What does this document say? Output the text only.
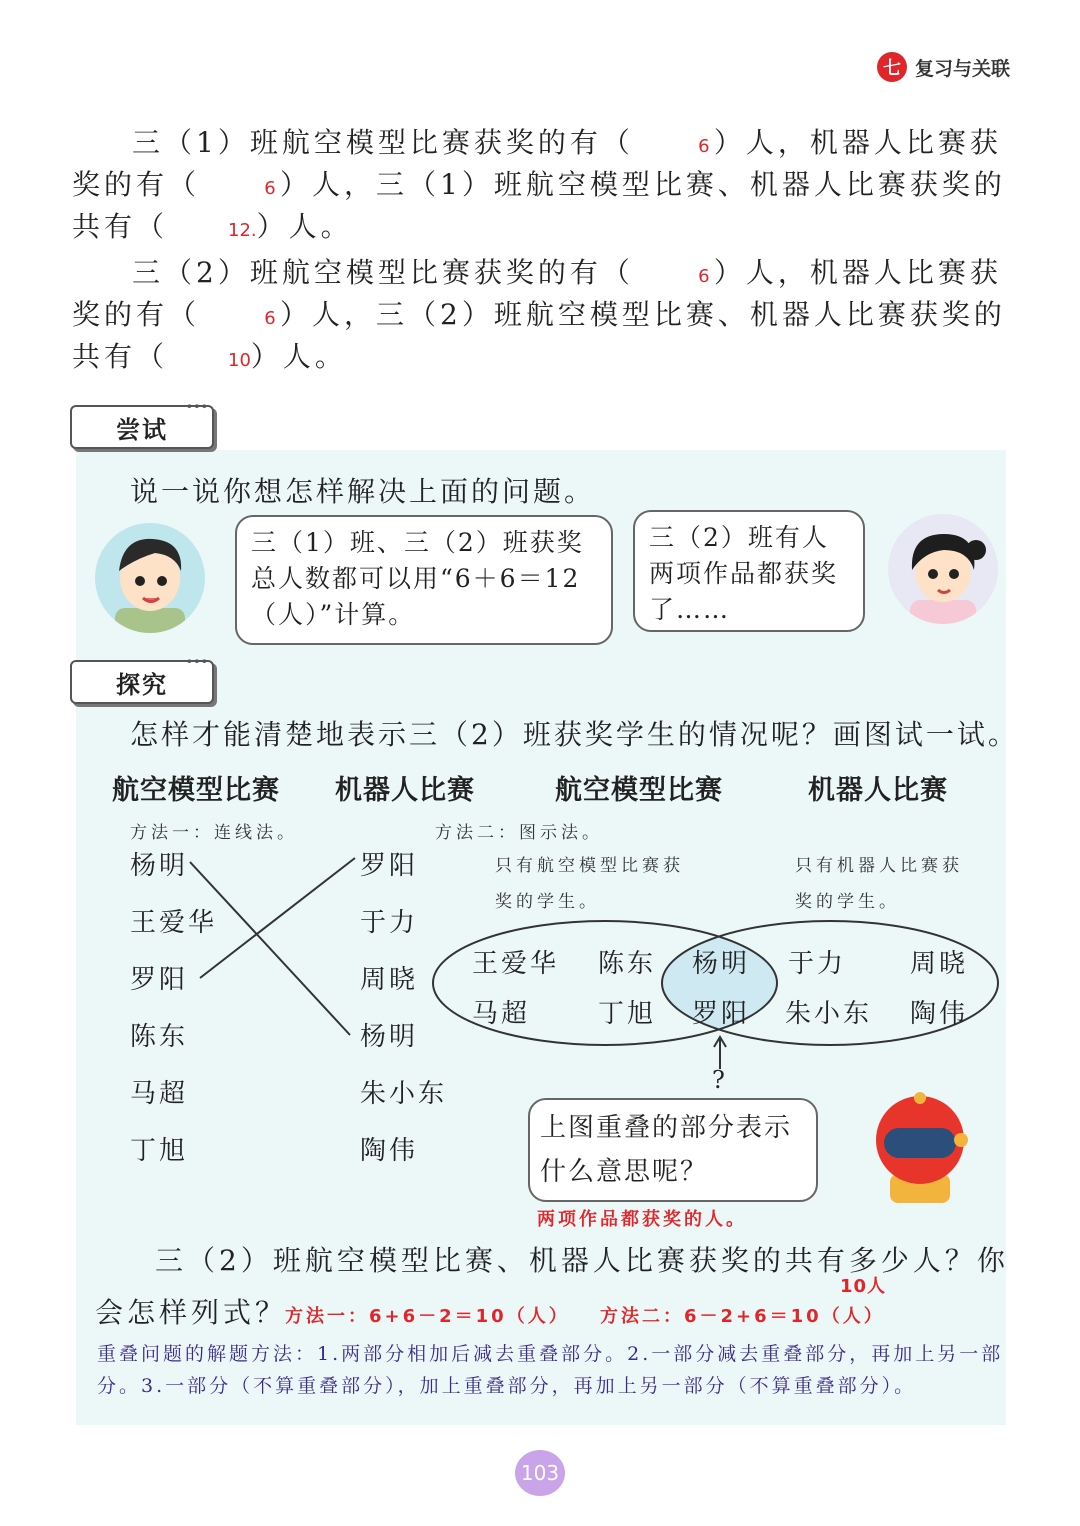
七 复习与关联
三（1）班航空模型比赛获奖的有（	6 ）人，机器人比赛获奖的有（	6 ）人，三（1）班航空模型比赛、机器人比赛获奖的共有（	12.）人。
三（2）班航空模型比赛获奖的有（	6 ）人，机器人比赛获奖的有（	6 ）人，三（2）班航空模型比赛、机器人比赛获奖的共有（	10）人。
尝试
∘∘∘
说一说你想怎样解决上面的问题。
三（1）班、三（2）班获奖总人数都可以用“6＋6＝12（人）”计算。
三（2）班有人两项作品都获奖了……
探究
∘∘∘
怎样才能清楚地表示三（2）班获奖学生的情况呢？画图试一试。
航空模型比赛 机器人比赛	航空模型比赛	机器人比赛
方法一：连线法。	方法二：图示法。
杨明
王爱华
罗阳
陈东
马超
丁旭
罗阳
于力
周晓
杨明
朱小东
陶伟
只有航空模型比赛获奖的学生。
只有机器人比赛获奖的学生。
王爱华 陈东
马超	丁旭
杨明
罗阳
于力 周晓
朱小东 陶伟
?
上图重叠的部分表示什么意思呢？
两项作品都获奖的人。
三（2）班航空模型比赛、机器人比赛获奖的共有多少人？你会怎样列式？
10人
方法一：6+6－2＝10（人） 方法二：6－2+6＝10（人）
重叠问题的解题方法：1.两部分相加后减去重叠部分。2.一部分减去重叠部分，再加上另一部分。3.一部分（不算重叠部分），加上重叠部分，再加上另一部分（不算重叠部分）。
103
